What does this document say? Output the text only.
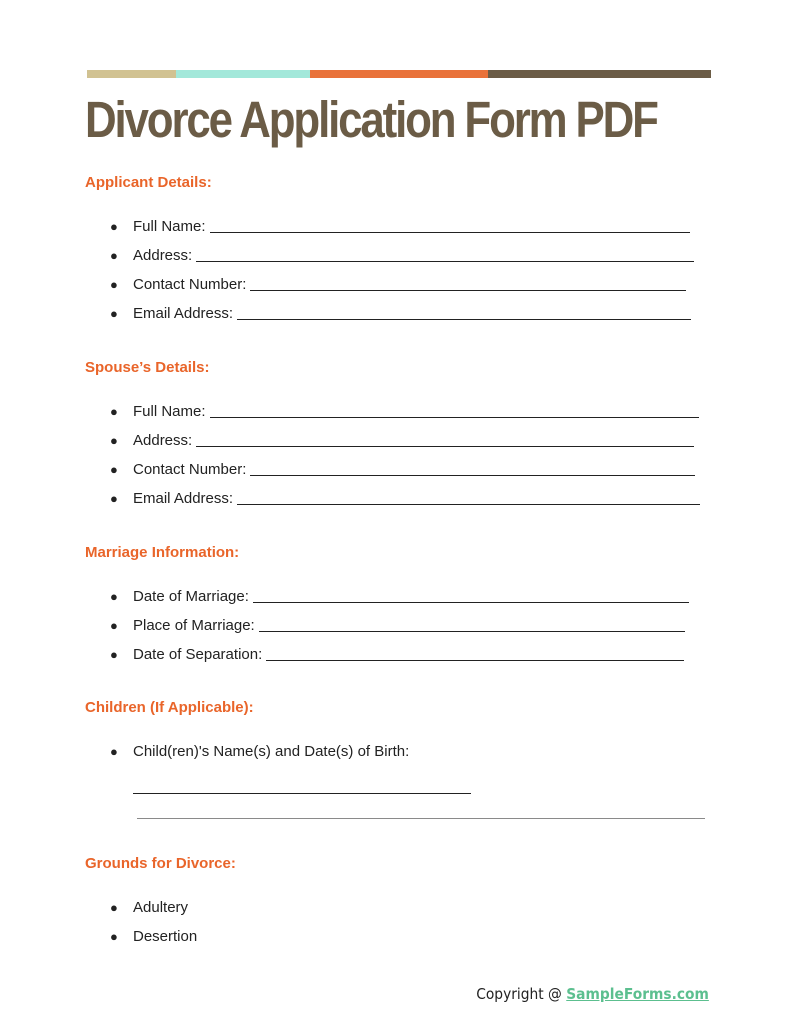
Divorce Application Form PDF
Applicant Details:
●	Full Name:
●	Address:
●	Contact Number:
●	Email Address:
Spouse’s Details:
●	Full Name:
●	Address:
●	Contact Number:
●	Email Address:
Marriage Information:
●	Date of Marriage:
●	Place of Marriage:
●	Date of Separation:
Children (If Applicable):
●	Child(ren)'s Name(s) and Date(s) of Birth:
Grounds for Divorce:
●	Adultery
●	Desertion
Copyright @ SampleForms.com
